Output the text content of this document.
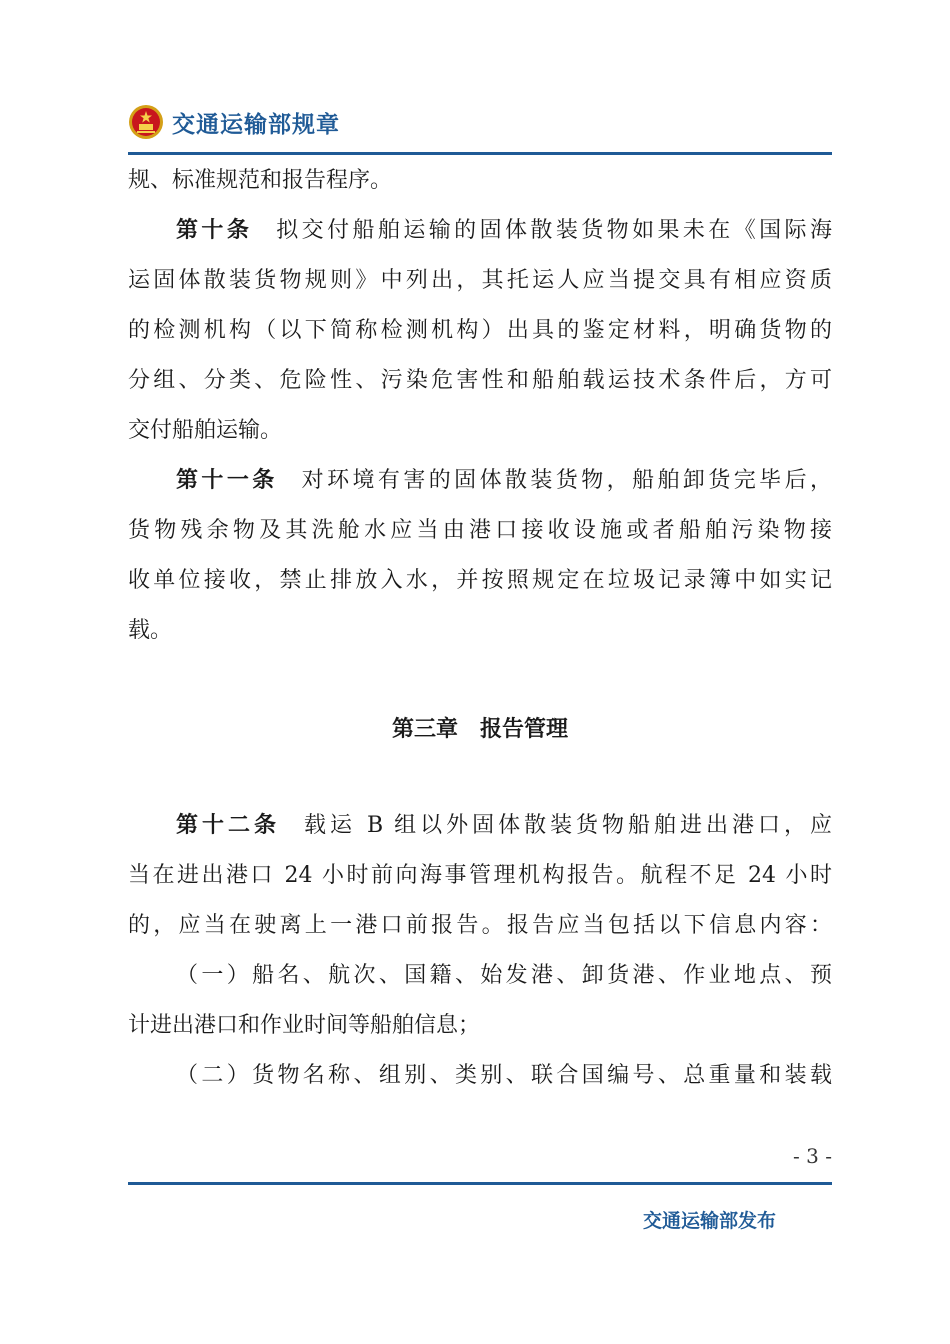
交通运输部规章
规、标准规范和报告程序。
第十条 拟交付船舶运输的固体散装货物如果未在《国际海
运固体散装货物规则》中列出，其托运人应当提交具有相应资质
的检测机构（以下简称检测机构）出具的鉴定材料，明确货物的
分组、分类、危险性、污染危害性和船舶载运技术条件后，方可
交付船舶运输。
第十一条 对环境有害的固体散装货物，船舶卸货完毕后，
货物残余物及其洗舱水应当由港口接收设施或者船舶污染物接
收单位接收，禁止排放入水，并按照规定在垃圾记录簿中如实记
载。
第三章　报告管理
第十二条 载运 B 组以外固体散装货物船舶进出港口，应
当在进出港口 24 小时前向海事管理机构报告。航程不足 24 小时
的，应当在驶离上一港口前报告。报告应当包括以下信息内容：
（一）船名、航次、国籍、始发港、卸货港、作业地点、预
计进出港口和作业时间等船舶信息；
（二）货物名称、组别、类别、联合国编号、总重量和装载
- 3 -
交通运输部发布
